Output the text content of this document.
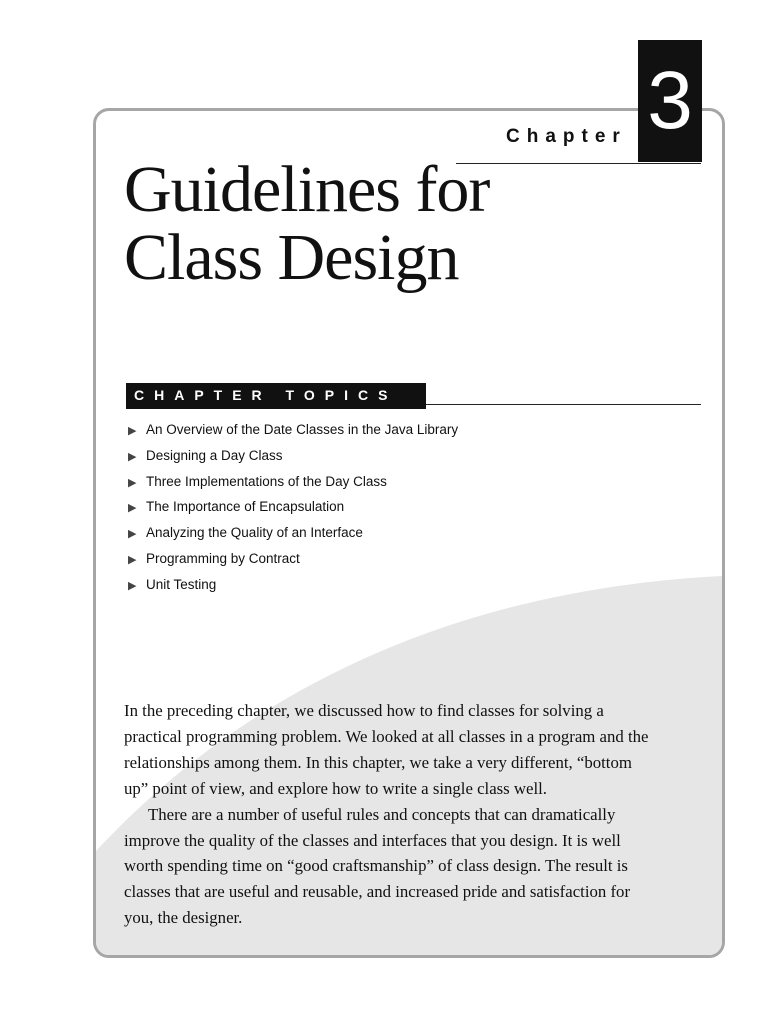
Chapter 3
Guidelines for
Class Design
CHAPTER TOPICS
▶ An Overview of the Date Classes in the Java Library
▶ Designing a Day Class
▶ Three Implementations of the Day Class
▶ The Importance of Encapsulation
▶ Analyzing the Quality of an Interface
▶ Programming by Contract
▶ Unit Testing

In the preceding chapter, we discussed how to find classes for solving a practical programming problem. We looked at all classes in a program and the relationships among them. In this chapter, we take a very different, “bottom up” point of view, and explore how to write a single class well.

There are a number of useful rules and concepts that can dramatically improve the quality of the classes and interfaces that you design. It is well worth spending time on “good craftsmanship” of class design. The result is classes that are useful and reusable, and increased pride and satisfaction for you, the designer.
